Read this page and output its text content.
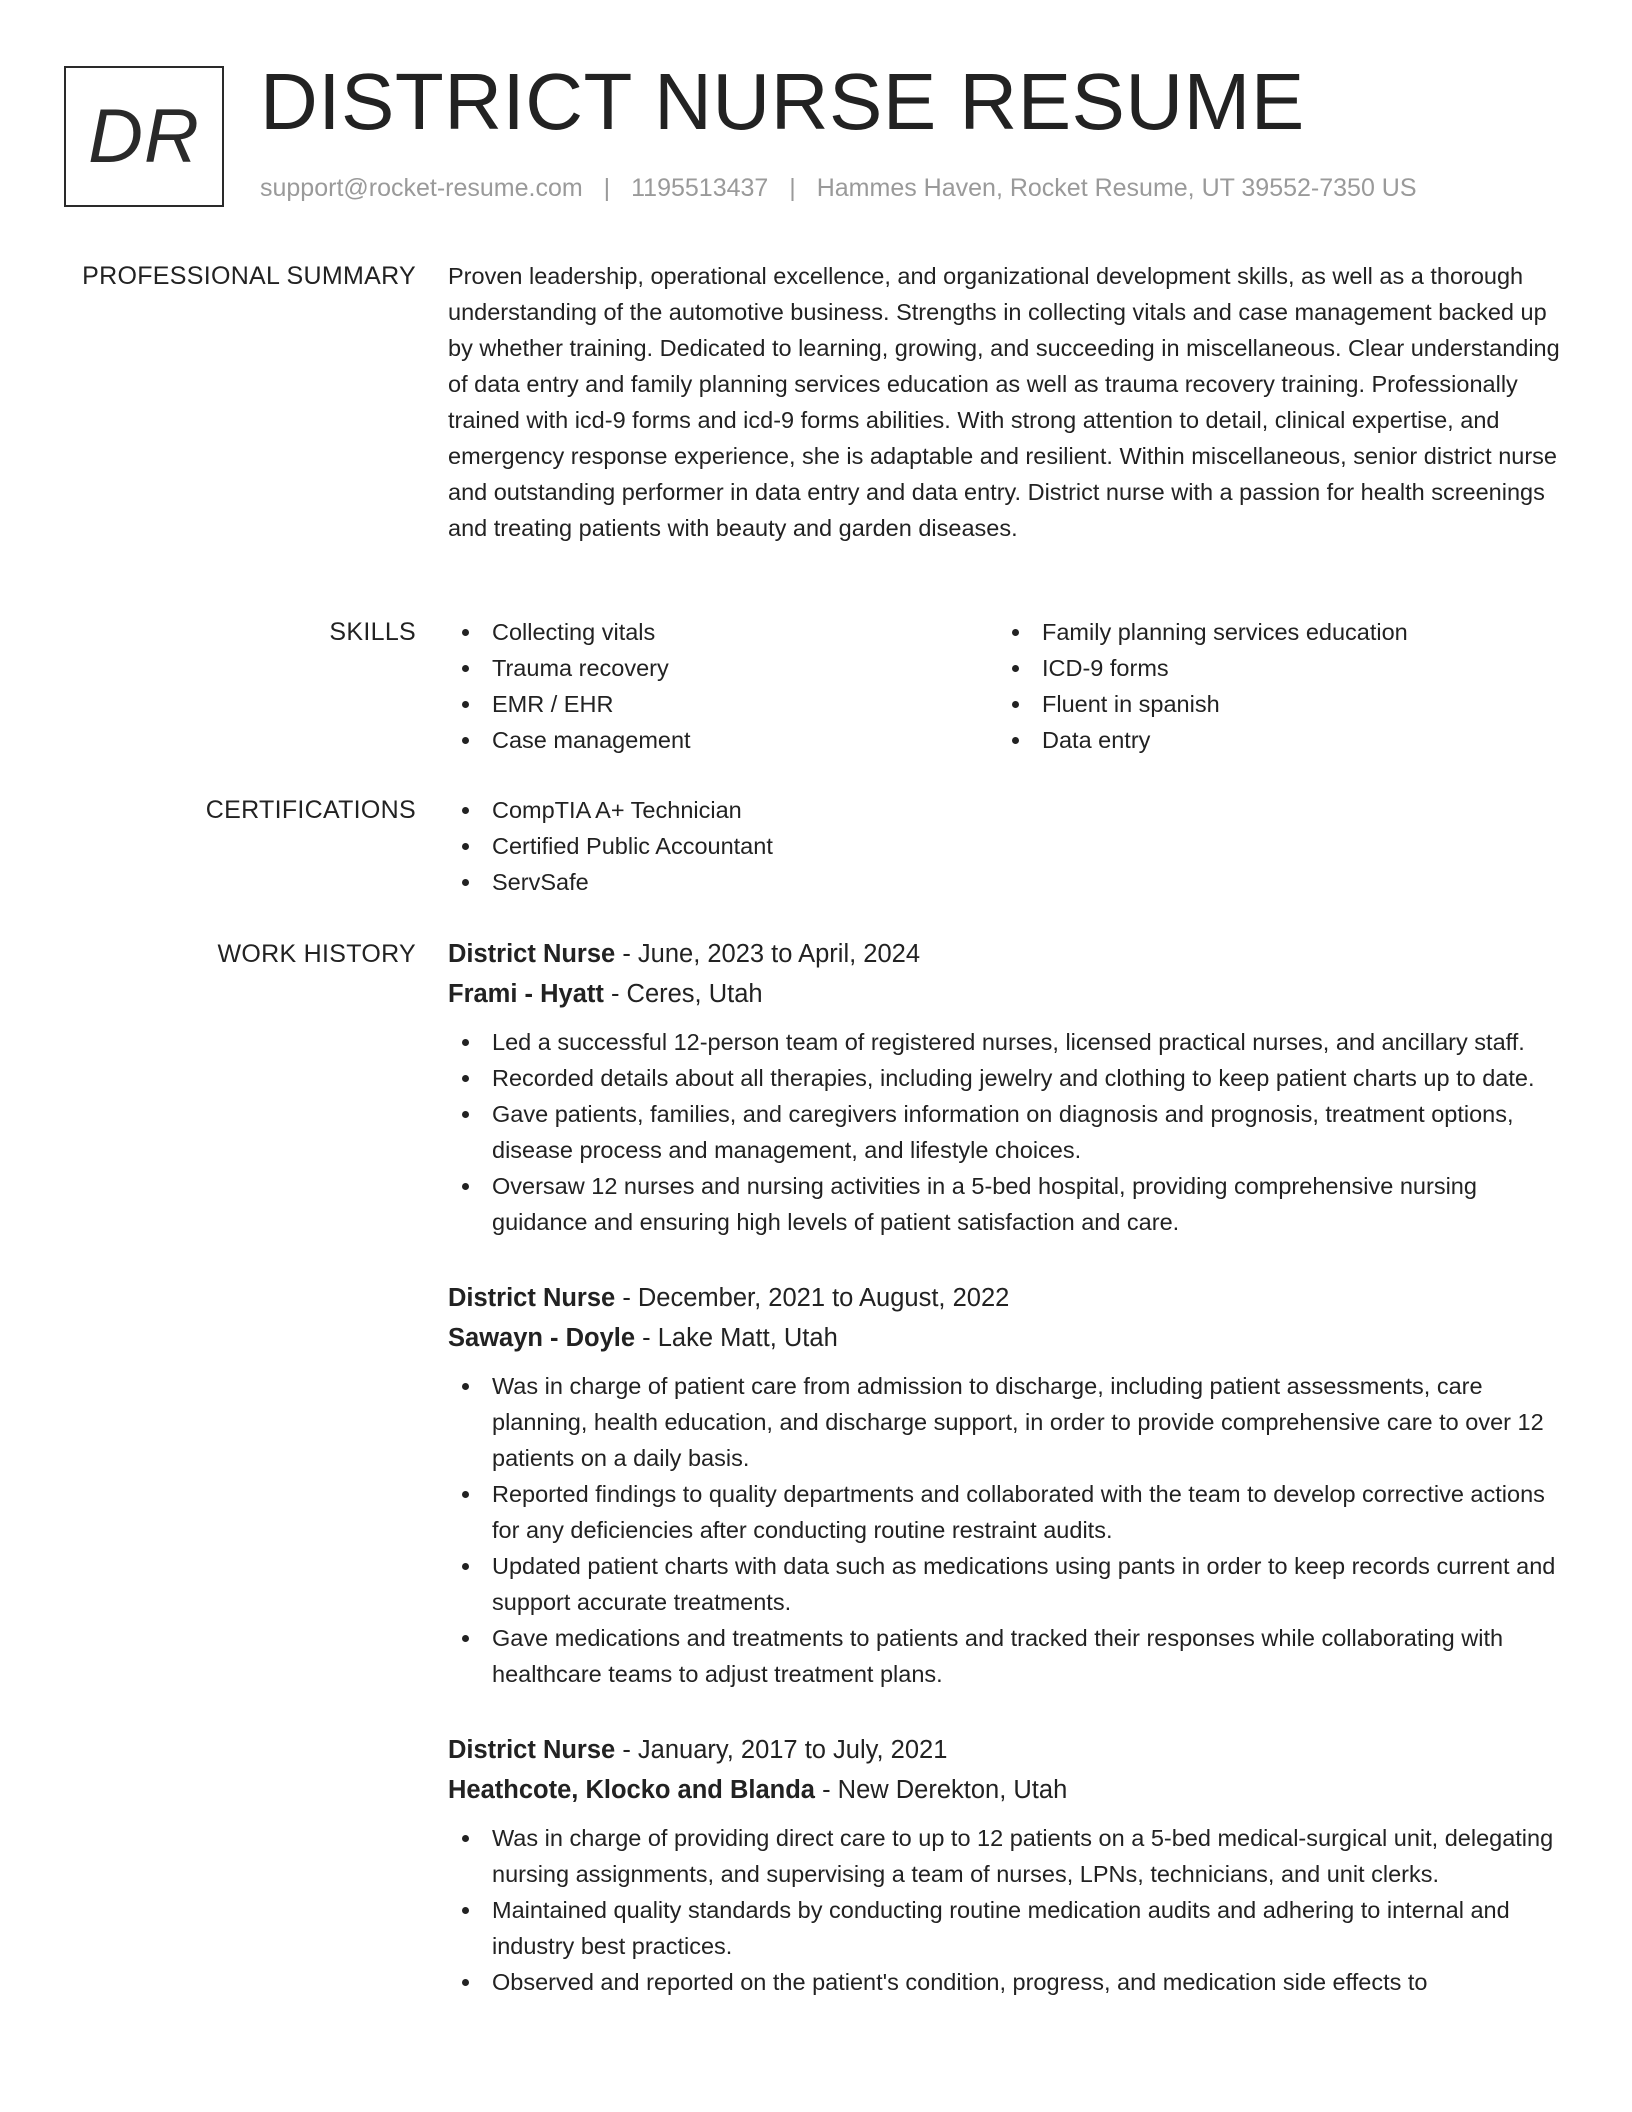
DR DISTRICT NURSE RESUME
support@rocket-resume.com | 1195513437 | Hammes Haven, Rocket Resume, UT 39552-7350 US
PROFESSIONAL SUMMARY Proven leadership, operational excellence, and organizational development skills, as well as a thorough understanding of the automotive business. Strengths in collecting vitals and case management backed up by whether training. Dedicated to learning, growing, and succeeding in miscellaneous. Clear understanding of data entry and family planning services education as well as trauma recovery training. Professionally trained with icd-9 forms and icd-9 forms abilities. With strong attention to detail, clinical expertise, and emergency response experience, she is adaptable and resilient. Within miscellaneous, senior district nurse and outstanding performer in data entry and data entry. District nurse with a passion for health screenings and treating patients with beauty and garden diseases.

SKILLS	Collecting vitals	Family planning services education
Trauma recovery	ICD-9 forms
EMR / EHR	Fluent in spanish
Case management	Data entry
CERTIFICATIONS	CompTIA A+ Technician
Certified Public Accountant
ServSafe
WORK HISTORY District Nurse - June, 2023 to April, 2024
Frami - Hyatt - Ceres, Utah
Led a successful 12-person team of registered nurses, licensed practical nurses, and ancillary staff.
Recorded details about all therapies, including jewelry and clothing to keep patient charts up to date.
Gave patients, families, and caregivers information on diagnosis and prognosis, treatment options, disease process and management, and lifestyle choices.
Oversaw 12 nurses and nursing activities in a 5-bed hospital, providing comprehensive nursing guidance and ensuring high levels of patient satisfaction and care.
District Nurse - December, 2021 to August, 2022
Sawayn - Doyle - Lake Matt, Utah
Was in charge of patient care from admission to discharge, including patient assessments, care planning, health education, and discharge support, in order to provide comprehensive care to over 12 patients on a daily basis.
Reported findings to quality departments and collaborated with the team to develop corrective actions for any deficiencies after conducting routine restraint audits.
Updated patient charts with data such as medications using pants in order to keep records current and support accurate treatments.
Gave medications and treatments to patients and tracked their responses while collaborating with healthcare teams to adjust treatment plans.
District Nurse - January, 2017 to July, 2021
Heathcote, Klocko and Blanda - New Derekton, Utah
Was in charge of providing direct care to up to 12 patients on a 5-bed medical-surgical unit, delegating nursing assignments, and supervising a team of nurses, LPNs, technicians, and unit clerks.
Maintained quality standards by conducting routine medication audits and adhering to internal and industry best practices.
Observed and reported on the patient's condition, progress, and medication side effects to
